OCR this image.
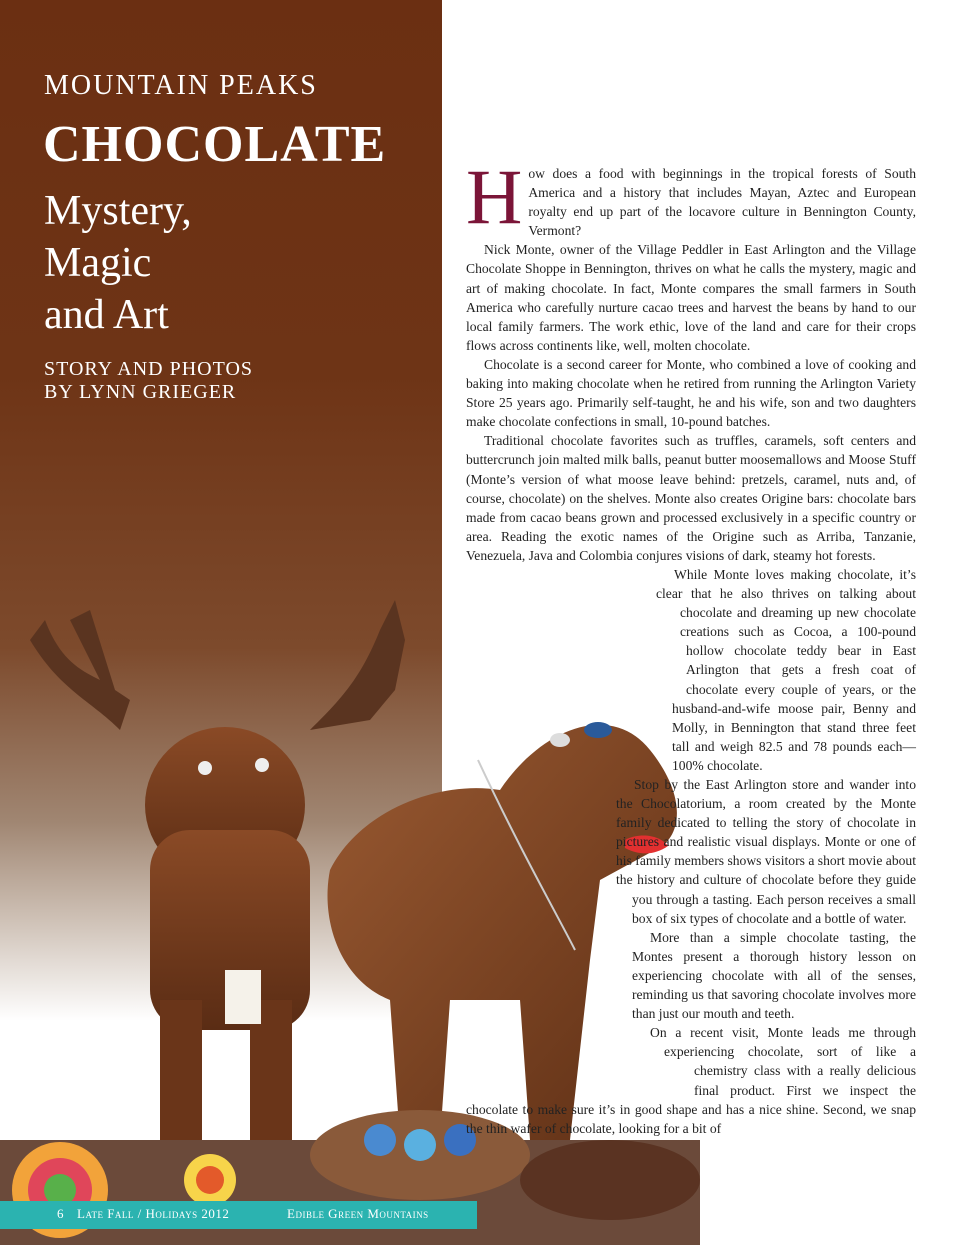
MOUNTAIN PEAKS
CHOCOLATE
Mystery,
Magic
and Art
STORY AND PHOTOS
BY LYNN GRIEGER

How does a food with beginnings in the tropical forests of South America and a history that includes Mayan, Aztec and European royalty end up part of the locavore culture in Bennington County, Vermont?

Nick Monte, owner of the Village Peddler in East Arlington and the Village Chocolate Shoppe in Bennington, thrives on what he calls the mystery, magic and art of making chocolate. In fact, Monte compares the small farmers in South America who carefully nurture cacao trees and harvest the beans by hand to our local family farmers. The work ethic, love of the land and care for their crops flows across continents like, well, molten chocolate.

Chocolate is a second career for Monte, who combined a love of cooking and baking into making chocolate when he retired from running the Arlington Variety Store 25 years ago. Primarily self-taught, he and his wife, son and two daughters make chocolate confections in small, 10-pound batches.

Traditional chocolate favorites such as truffles, caramels, soft centers and buttercrunch join malted milk balls, peanut butter moosemallows and Moose Stuff (Monte’s version of what moose leave behind: pretzels, caramel, nuts and, of course, chocolate) on the shelves. Monte also creates Origine bars: chocolate bars made from cacao beans grown and processed exclusively in a specific country or area. Reading the exotic names of the Origine such as Arriba, Tanzanie, Venezuela, Java and Colombia conjures visions of dark, steamy hot forests.

While Monte loves making chocolate, it’s clear that he also thrives on talking about chocolate and dreaming up new chocolate creations such as Cocoa, a 100-pound hollow chocolate teddy bear in East Arlington that gets a fresh coat of chocolate every couple of years, or the husband-and-wife moose pair, Benny and Molly, in Bennington that stand three feet tall and weigh 82.5 and 78 pounds each—100% chocolate.

Stop by the East Arlington store and wander into the Chocolatorium, a room created by the Monte family dedicated to telling the story of chocolate in pictures and realistic visual displays. Monte or one of his family members shows visitors a short movie about the history and culture of chocolate before they guide you through a tasting. Each person receives a small box of six types of chocolate and a bottle of water.

More than a simple chocolate tasting, the Montes present a thorough history lesson on experiencing chocolate with all of the senses, reminding us that savoring chocolate involves more than just our mouth and teeth.

On a recent visit, Monte leads me through experiencing chocolate, sort of like a chemistry class with a really delicious final product. First we inspect the chocolate to make sure it’s in good shape and has a nice shine. Second, we snap the thin wafer of chocolate, looking for a bit of

6 Late Fall / Holidays 2012	Edible Green Mountains
